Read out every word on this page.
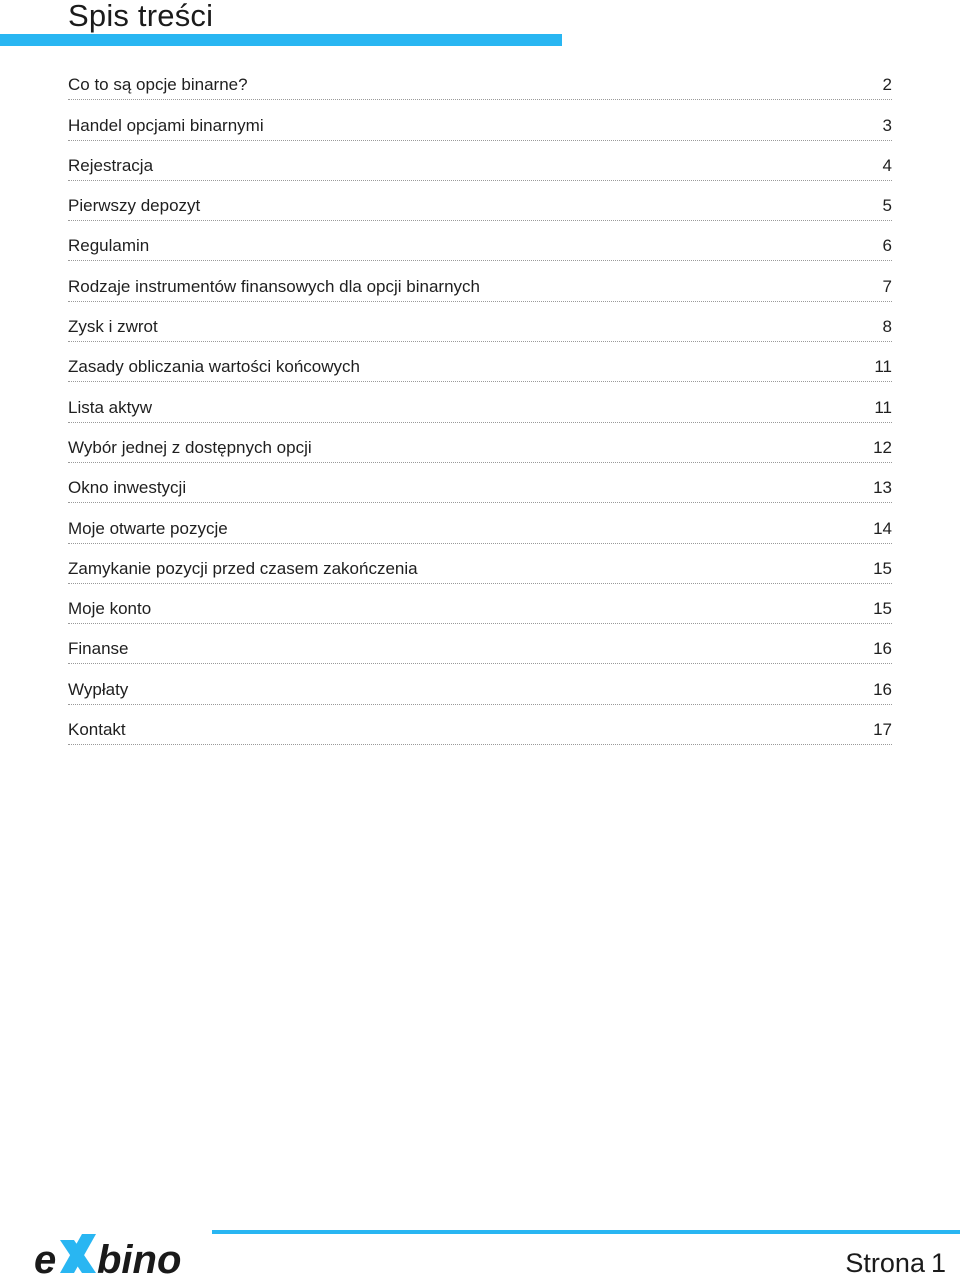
Spis treści
Co to są opcje binarne?	2
Handel opcjami binarnymi	3
Rejestracja	4
Pierwszy depozyt	5
Regulamin	6
Rodzaje instrumentów finansowych dla opcji binarnych	7
Zysk i zwrot	8
Zasady obliczania wartości końcowych	11
Lista aktyw	11
Wybór jednej z dostępnych opcji	12
Okno inwestycji	13
Moje otwarte pozycje	14
Zamykanie pozycji przed czasem zakończenia	15
Moje konto	15
Finanse	16
Wypłaty	16
Kontakt	17
e bino	Strona 1
